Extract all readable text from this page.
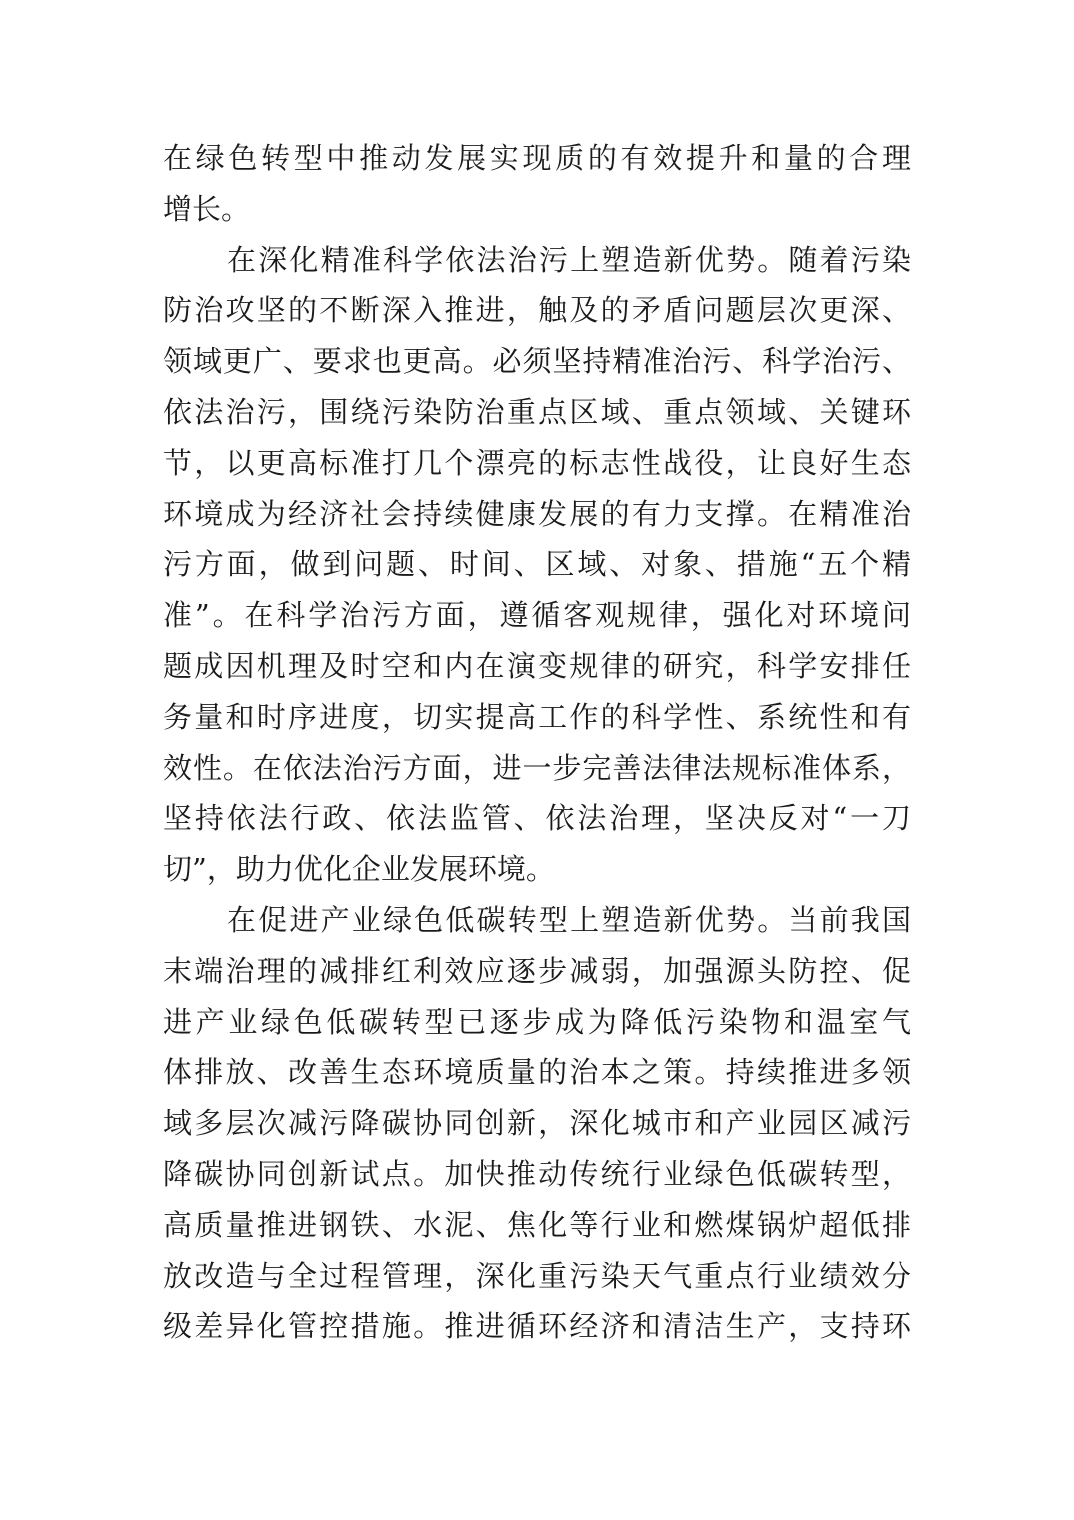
在绿色转型中推动发展实现质的有效提升和量的合理
增长。
在深化精准科学依法治污上塑造新优势。随着污染
防治攻坚的不断深入推进，触及的矛盾问题层次更深、
领域更广、要求也更高。必须坚持精准治污、科学治污、
依法治污，围绕污染防治重点区域、重点领域、关键环
节，以更高标准打几个漂亮的标志性战役，让良好生态
环境成为经济社会持续健康发展的有力支撑。在精准治
污方面，做到问题、时间、区域、对象、措施“五个精
准”。在科学治污方面，遵循客观规律，强化对环境问
题成因机理及时空和内在演变规律的研究，科学安排任
务量和时序进度，切实提高工作的科学性、系统性和有
效性。在依法治污方面，进一步完善法律法规标准体系，
坚持依法行政、依法监管、依法治理，坚决反对“一刀
切”，助力优化企业发展环境。
在促进产业绿色低碳转型上塑造新优势。当前我国
末端治理的减排红利效应逐步减弱，加强源头防控、促
进产业绿色低碳转型已逐步成为降低污染物和温室气
体排放、改善生态环境质量的治本之策。持续推进多领
域多层次减污降碳协同创新，深化城市和产业园区减污
降碳协同创新试点。加快推动传统行业绿色低碳转型，
高质量推进钢铁、水泥、焦化等行业和燃煤锅炉超低排
放改造与全过程管理，深化重污染天气重点行业绩效分
级差异化管控措施。推进循环经济和清洁生产，支持环
